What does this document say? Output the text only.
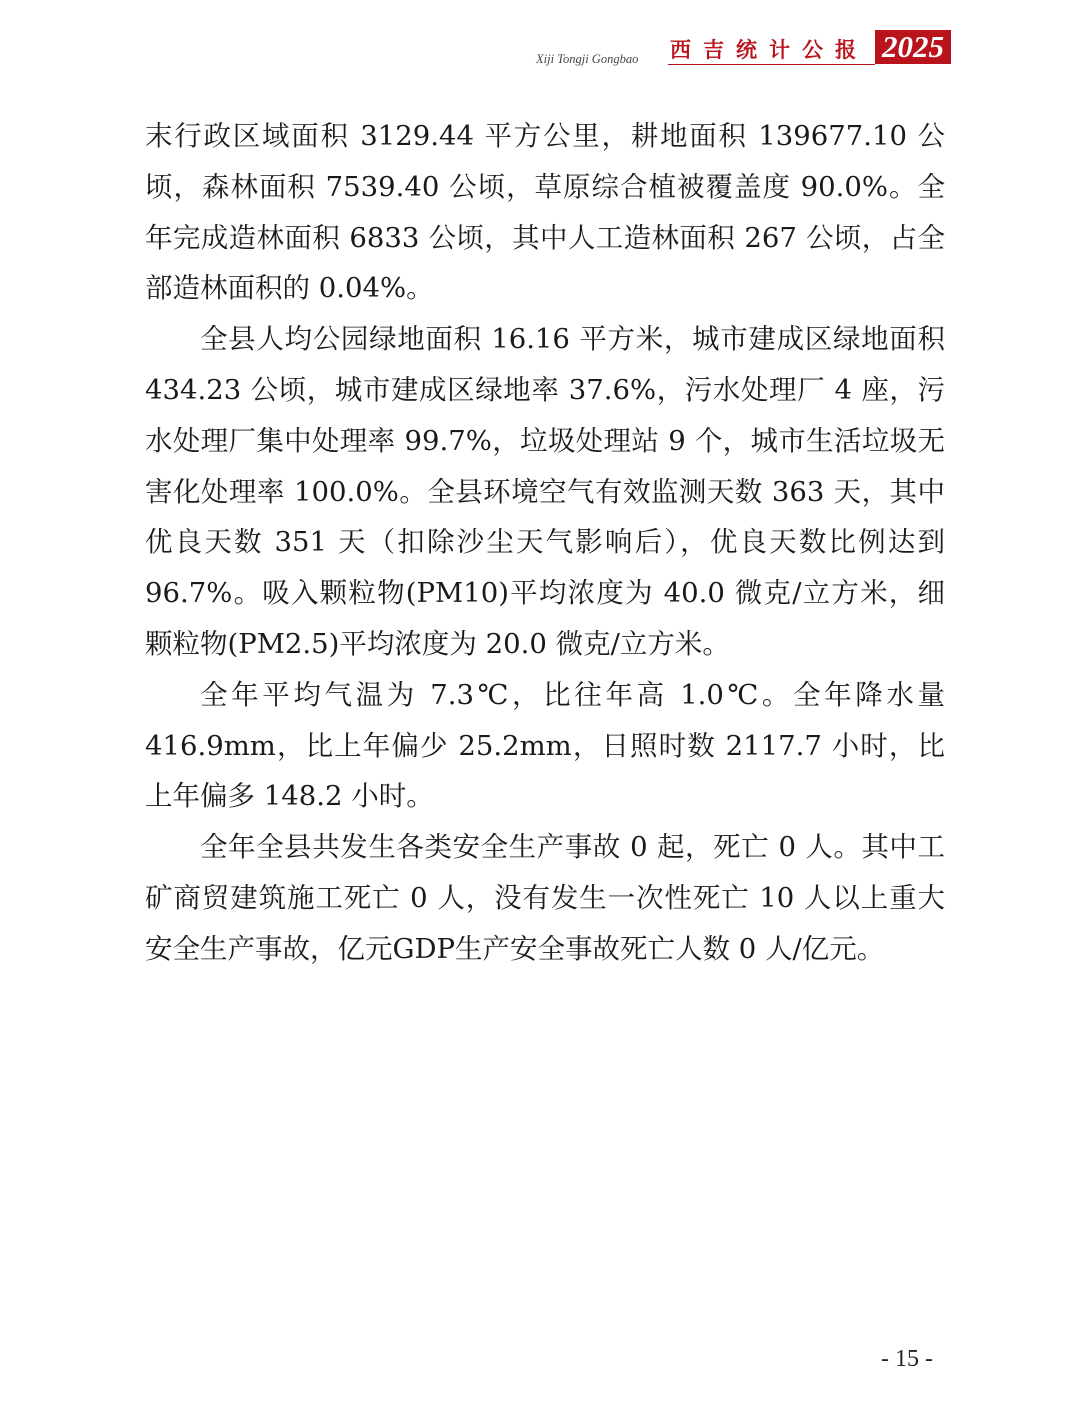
Xiji Tongji Gongbao 西吉统计公报 2025

末行政区域面积 3129.44 平方公里，耕地面积 139677.10 公顷，森林面积 7539.40 公顷，草原综合植被覆盖度 90.0%。全年完成造林面积 6833 公顷，其中人工造林面积 267 公顷，占全部造林面积的 0.04%。

全县人均公园绿地面积 16.16 平方米，城市建成区绿地面积 434.23 公顷，城市建成区绿地率 37.6%，污水处理厂 4 座，污水处理厂集中处理率 99.7%，垃圾处理站 9 个，城市生活垃圾无害化处理率 100.0%。全县环境空气有效监测天数 363 天，其中优良天数 351 天（扣除沙尘天气影响后），优良天数比例达到 96.7%。吸入颗粒物(PM10)平均浓度为 40.0 微克/立方米，细颗粒物(PM2.5)平均浓度为 20.0 微克/立方米。

全年平均气温为 7.3℃，比往年高 1.0℃。全年降水量 416.9mm，比上年偏少 25.2mm，日照时数 2117.7 小时，比上年偏多 148.2 小时。

全年全县共发生各类安全生产事故 0 起，死亡 0 人。其中工矿商贸建筑施工死亡 0 人，没有发生一次性死亡 10 人以上重大安全生产事故，亿元GDP生产安全事故死亡人数 0 人/亿元。

- 15 -
